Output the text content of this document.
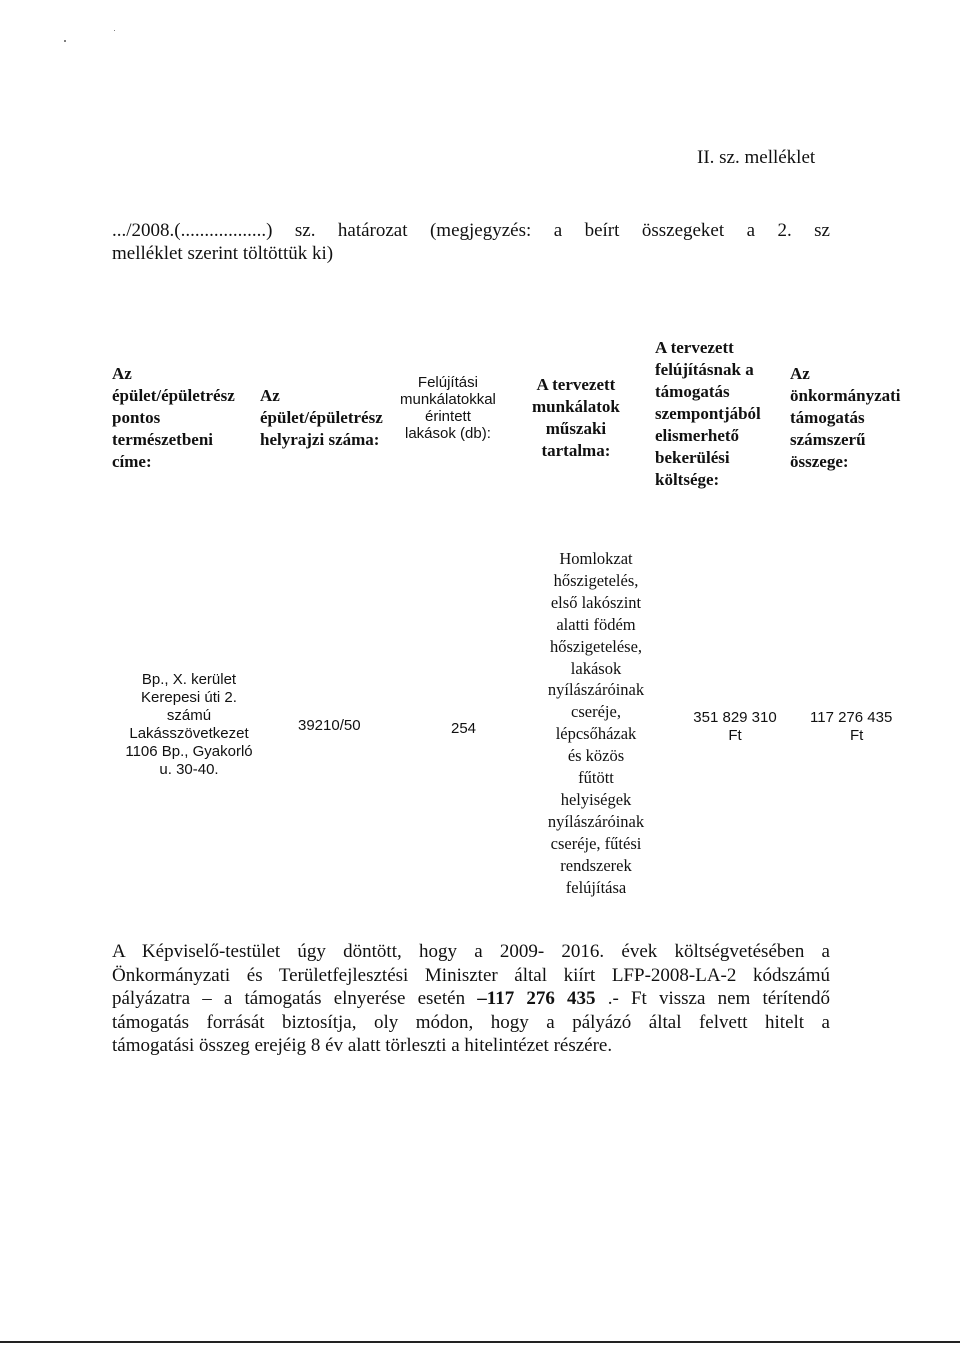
II. sz. melléklet
.../2008.(..................) sz. határozat (megjegyzés: a beírt összegeket a 2. sz
melléklet szerint töltöttük ki)
Az
épület/épületrész
pontos
természetbeni
címe:
Az
épület/épületrész
helyrajzi száma:
Felújítási
munkálatokkal
érintett
lakások (db):
A tervezett
munkálatok
műszaki
tartalma:
A tervezett
felújításnak a
támogatás
szempontjából
elismerhető
bekerülési
költsége:
Az
önkormányzati
támogatás
számszerű
összege:
Bp., X. kerület
Kerepesi úti 2.
számú
Lakásszövetkezet
1106 Bp., Gyakorló
u. 30-40.
39210/50	254
Homlokzat
hőszigetelés,
első lakószint
alatti födém
hőszigetelése,
lakások
nyílászáróinak
cseréje,
lépcsőházak
és közös
fűtött
helyiségek
nyílászáróinak
cseréje, fűtési
rendszerek
felújítása
351 829 310
Ft
117 276 435
Ft
A Képviselő-testület úgy döntött, hogy a 2009- 2016. évek költségvetésében a
Önkormányzati és Területfejlesztési Miniszter által kiírt LFP-2008-LA-2 kódszámú
pályázatra – a támogatás elnyerése esetén –117 276 435 .- Ft vissza nem térítendő
támogatás forrását biztosítja, oly módon, hogy a pályázó által felvett hitelt a
támogatási összeg erejéig 8 év alatt törleszti a hitelintézet részére.
